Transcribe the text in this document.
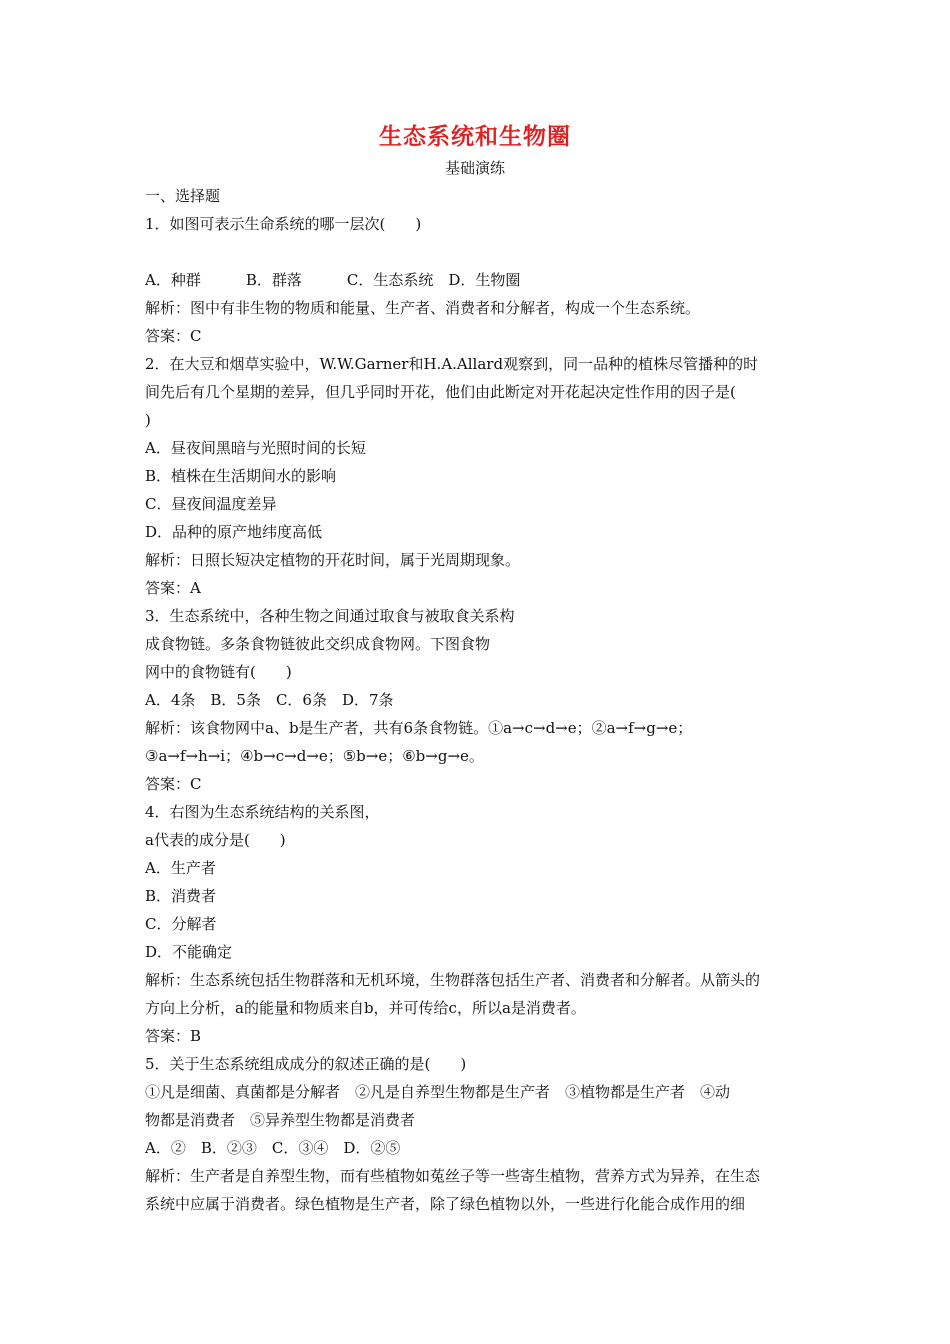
生态系统和生物圈
基础演练
一、选择题
1．如图可表示生命系统的哪一层次(　　)
A．种群　　　B．群落　　　C．生态系统　D．生物圈
解析：图中有非生物的物质和能量、生产者、消费者和分解者，构成一个生态系统。
答案：C
2．在大豆和烟草实验中，W.W.Garner和H.A.Allard观察到，同一品种的植株尽管播种的时
间先后有几个星期的差异，但几乎同时开花，他们由此断定对开花起决定性作用的因子是(
)
A．昼夜间黑暗与光照时间的长短
B．植株在生活期间水的影响
C．昼夜间温度差异
D．品种的原产地纬度高低
解析：日照长短决定植物的开花时间，属于光周期现象。
答案：A
3．生态系统中，各种生物之间通过取食与被取食关系构
成食物链。多条食物链彼此交织成食物网。下图食物
网中的食物链有(　　)
A．4条　B．5条　C．6条　D．7条
解析：该食物网中a、b是生产者，共有6条食物链。①a→c→d→e；②a→f→g→e；
③a→f→h→i；④b→c→d→e；⑤b→e；⑥b→g→e。
答案：C
4．右图为生态系统结构的关系图，
a代表的成分是(　　)
A．生产者
B．消费者
C．分解者
D．不能确定
解析：生态系统包括生物群落和无机环境，生物群落包括生产者、消费者和分解者。从箭头的
方向上分析，a的能量和物质来自b，并可传给c，所以a是消费者。
答案：B
5．关于生态系统组成成分的叙述正确的是(　　)
①凡是细菌、真菌都是分解者　②凡是自养型生物都是生产者　③植物都是生产者　④动
物都是消费者　⑤异养型生物都是消费者
A．②　B．②③　C．③④　D．②⑤
解析：生产者是自养型生物，而有些植物如菟丝子等一些寄生植物，营养方式为异养，在生态
系统中应属于消费者。绿色植物是生产者，除了绿色植物以外，一些进行化能合成作用的细
